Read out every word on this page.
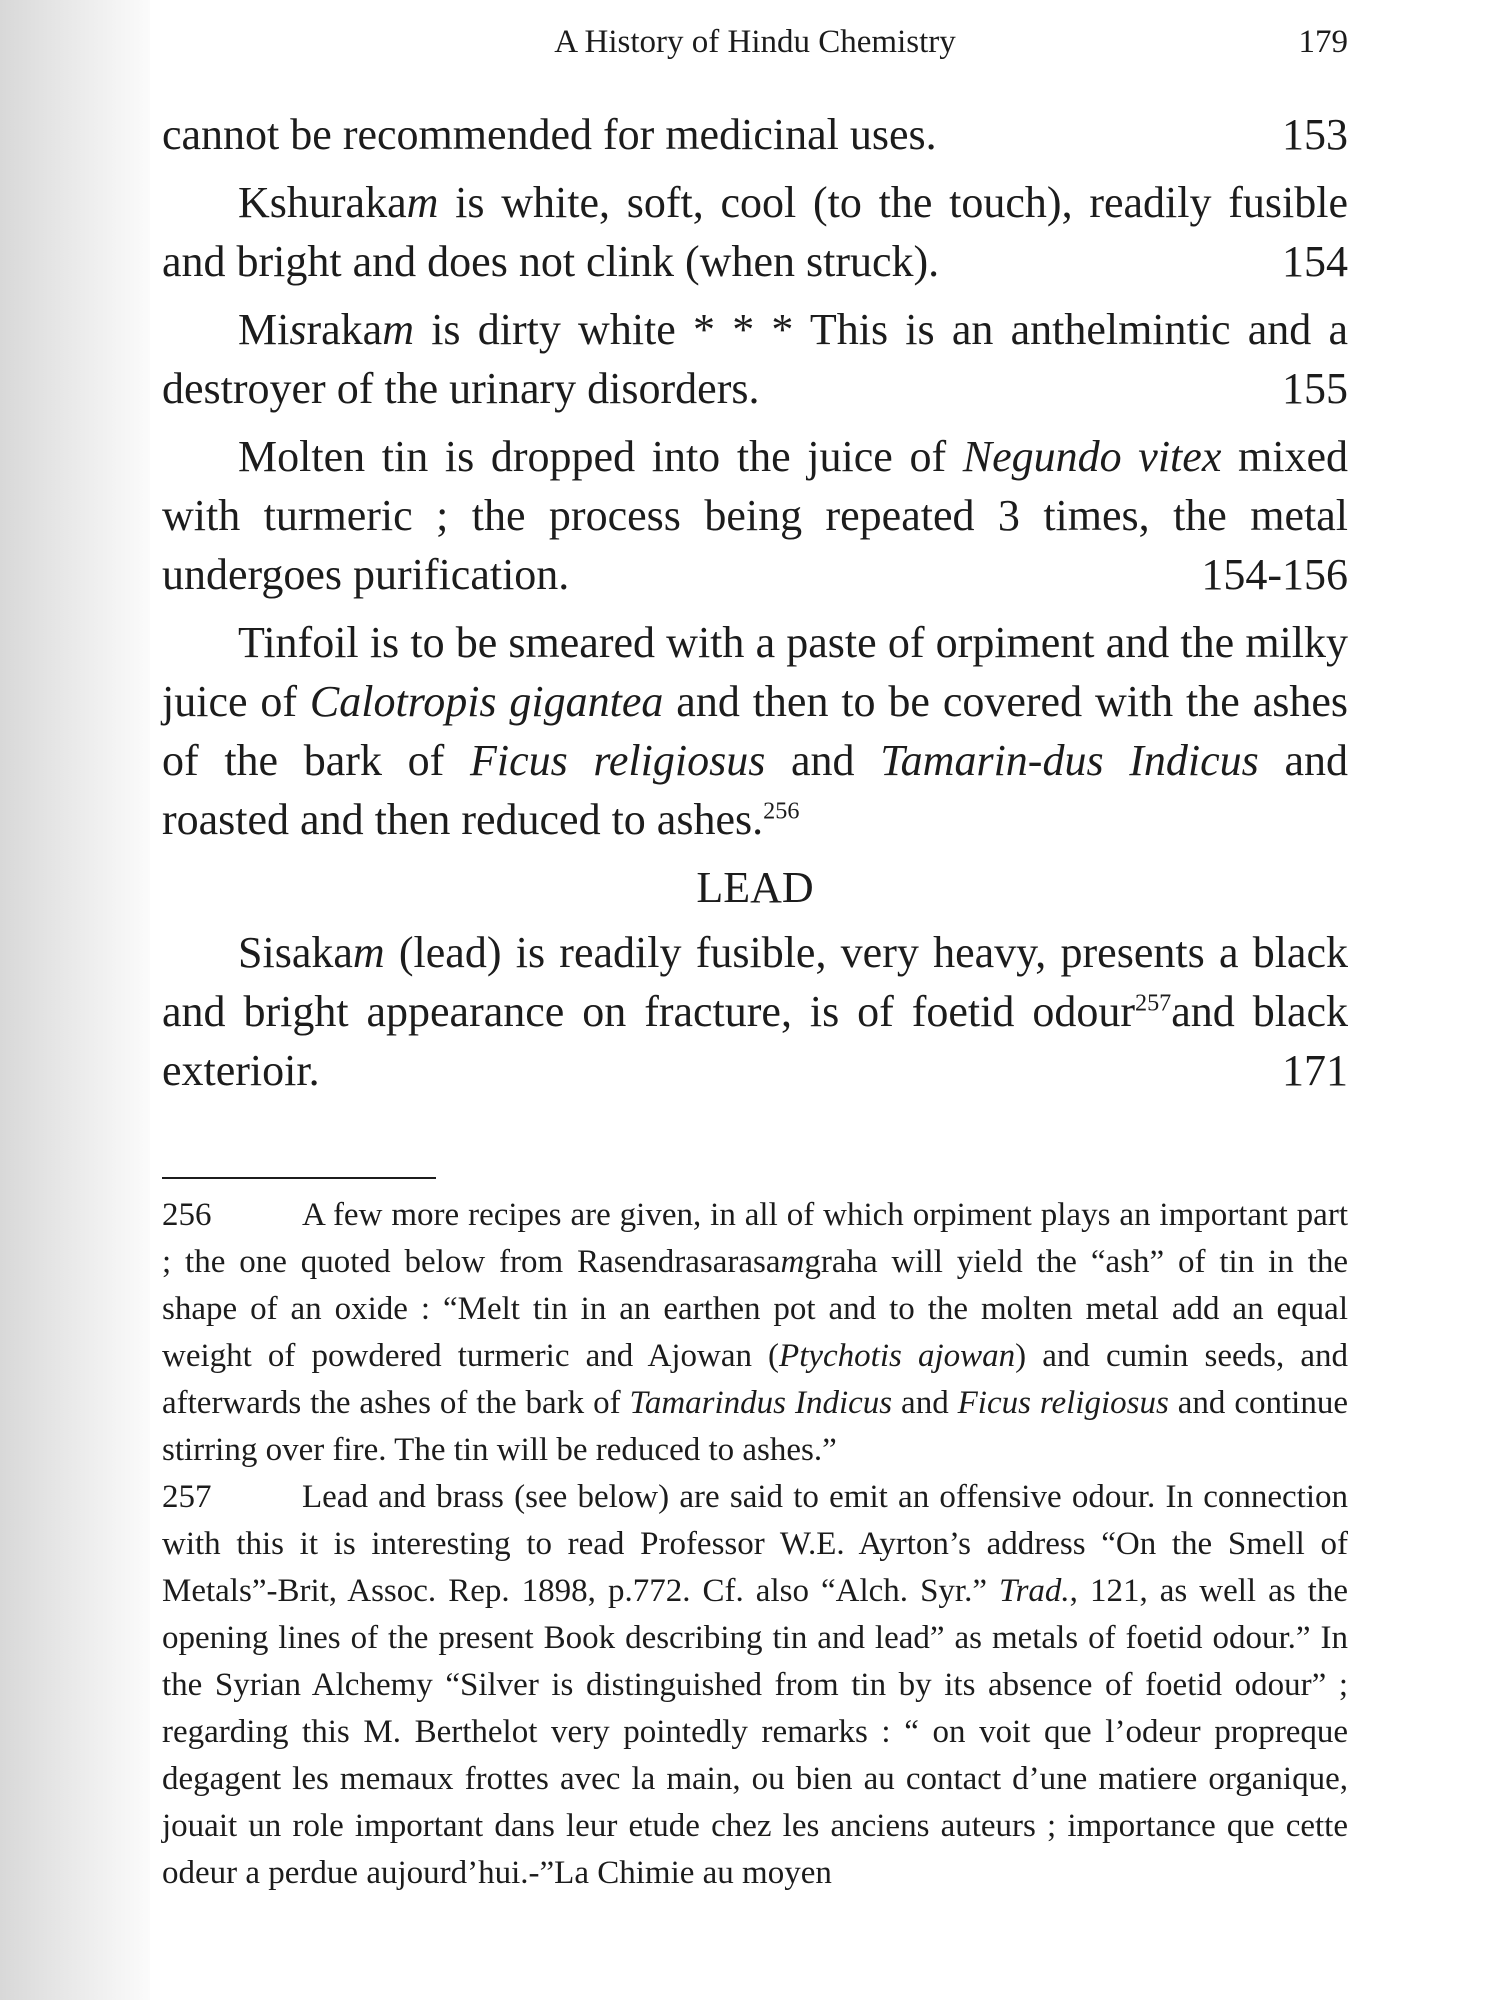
A History of Hindu Chemistry	179

cannot be recommended for medicinal uses.	153

Kshurakam is white, soft, cool (to the touch), readily fusible and bright and does not clink (when struck).	154

Misrakam is dirty white * * * This is an anthelmintic and a destroyer of the urinary disorders.	155

Molten tin is dropped into the juice of Negundo vitex mixed with turmeric ; the process being repeated 3 times, the metal undergoes purification.	154-156

Tinfoil is to be smeared with a paste of orpiment and the milky juice of Calotropis gigantea and then to be covered with the ashes of the bark of Ficus religiosus and Tamarin-dus Indicus and roasted and then reduced to ashes.$^{256}$

LEAD

Sisakam (lead) is readily fusible, very heavy, presents a black and bright appearance on fracture, is of foetid odour$^{257}$and black exterioir.	171

256	A few more recipes are given, in all of which orpiment plays an important part ; the one quoted below from Rasendrasarasamgraha will yield the “ash” of tin in the shape of an oxide : “Melt tin in an earthen pot and to the molten metal add an equal weight of powdered turmeric and Ajowan (Ptychotis ajowan) and cumin seeds, and afterwards the ashes of the bark of Tamarindus Indicus and Ficus religiosus and continue stirring over fire. The tin will be reduced to ashes.”

257	Lead and brass (see below) are said to emit an offensive odour. In connection with this it is interesting to read Professor W.E. Ayrton’s address “On the Smell of Metals”-Brit, Assoc. Rep. 1898, p.772. Cf. also “Alch. Syr.” Trad., 121, as well as the opening lines of the present Book describing tin and lead” as metals of foetid odour.” In the Syrian Alchemy “Silver is distinguished from tin by its absence of foetid odour” ; regarding this M. Berthelot very pointedly remarks : “ on voit que l’odeur propreque degagent les memaux frottes avec la main, ou bien au contact d’une matiere organique, jouait un role important dans leur etude chez les anciens auteurs ; importance que cette odeur a perdue aujourd’hui.-”La Chimie au moyen
